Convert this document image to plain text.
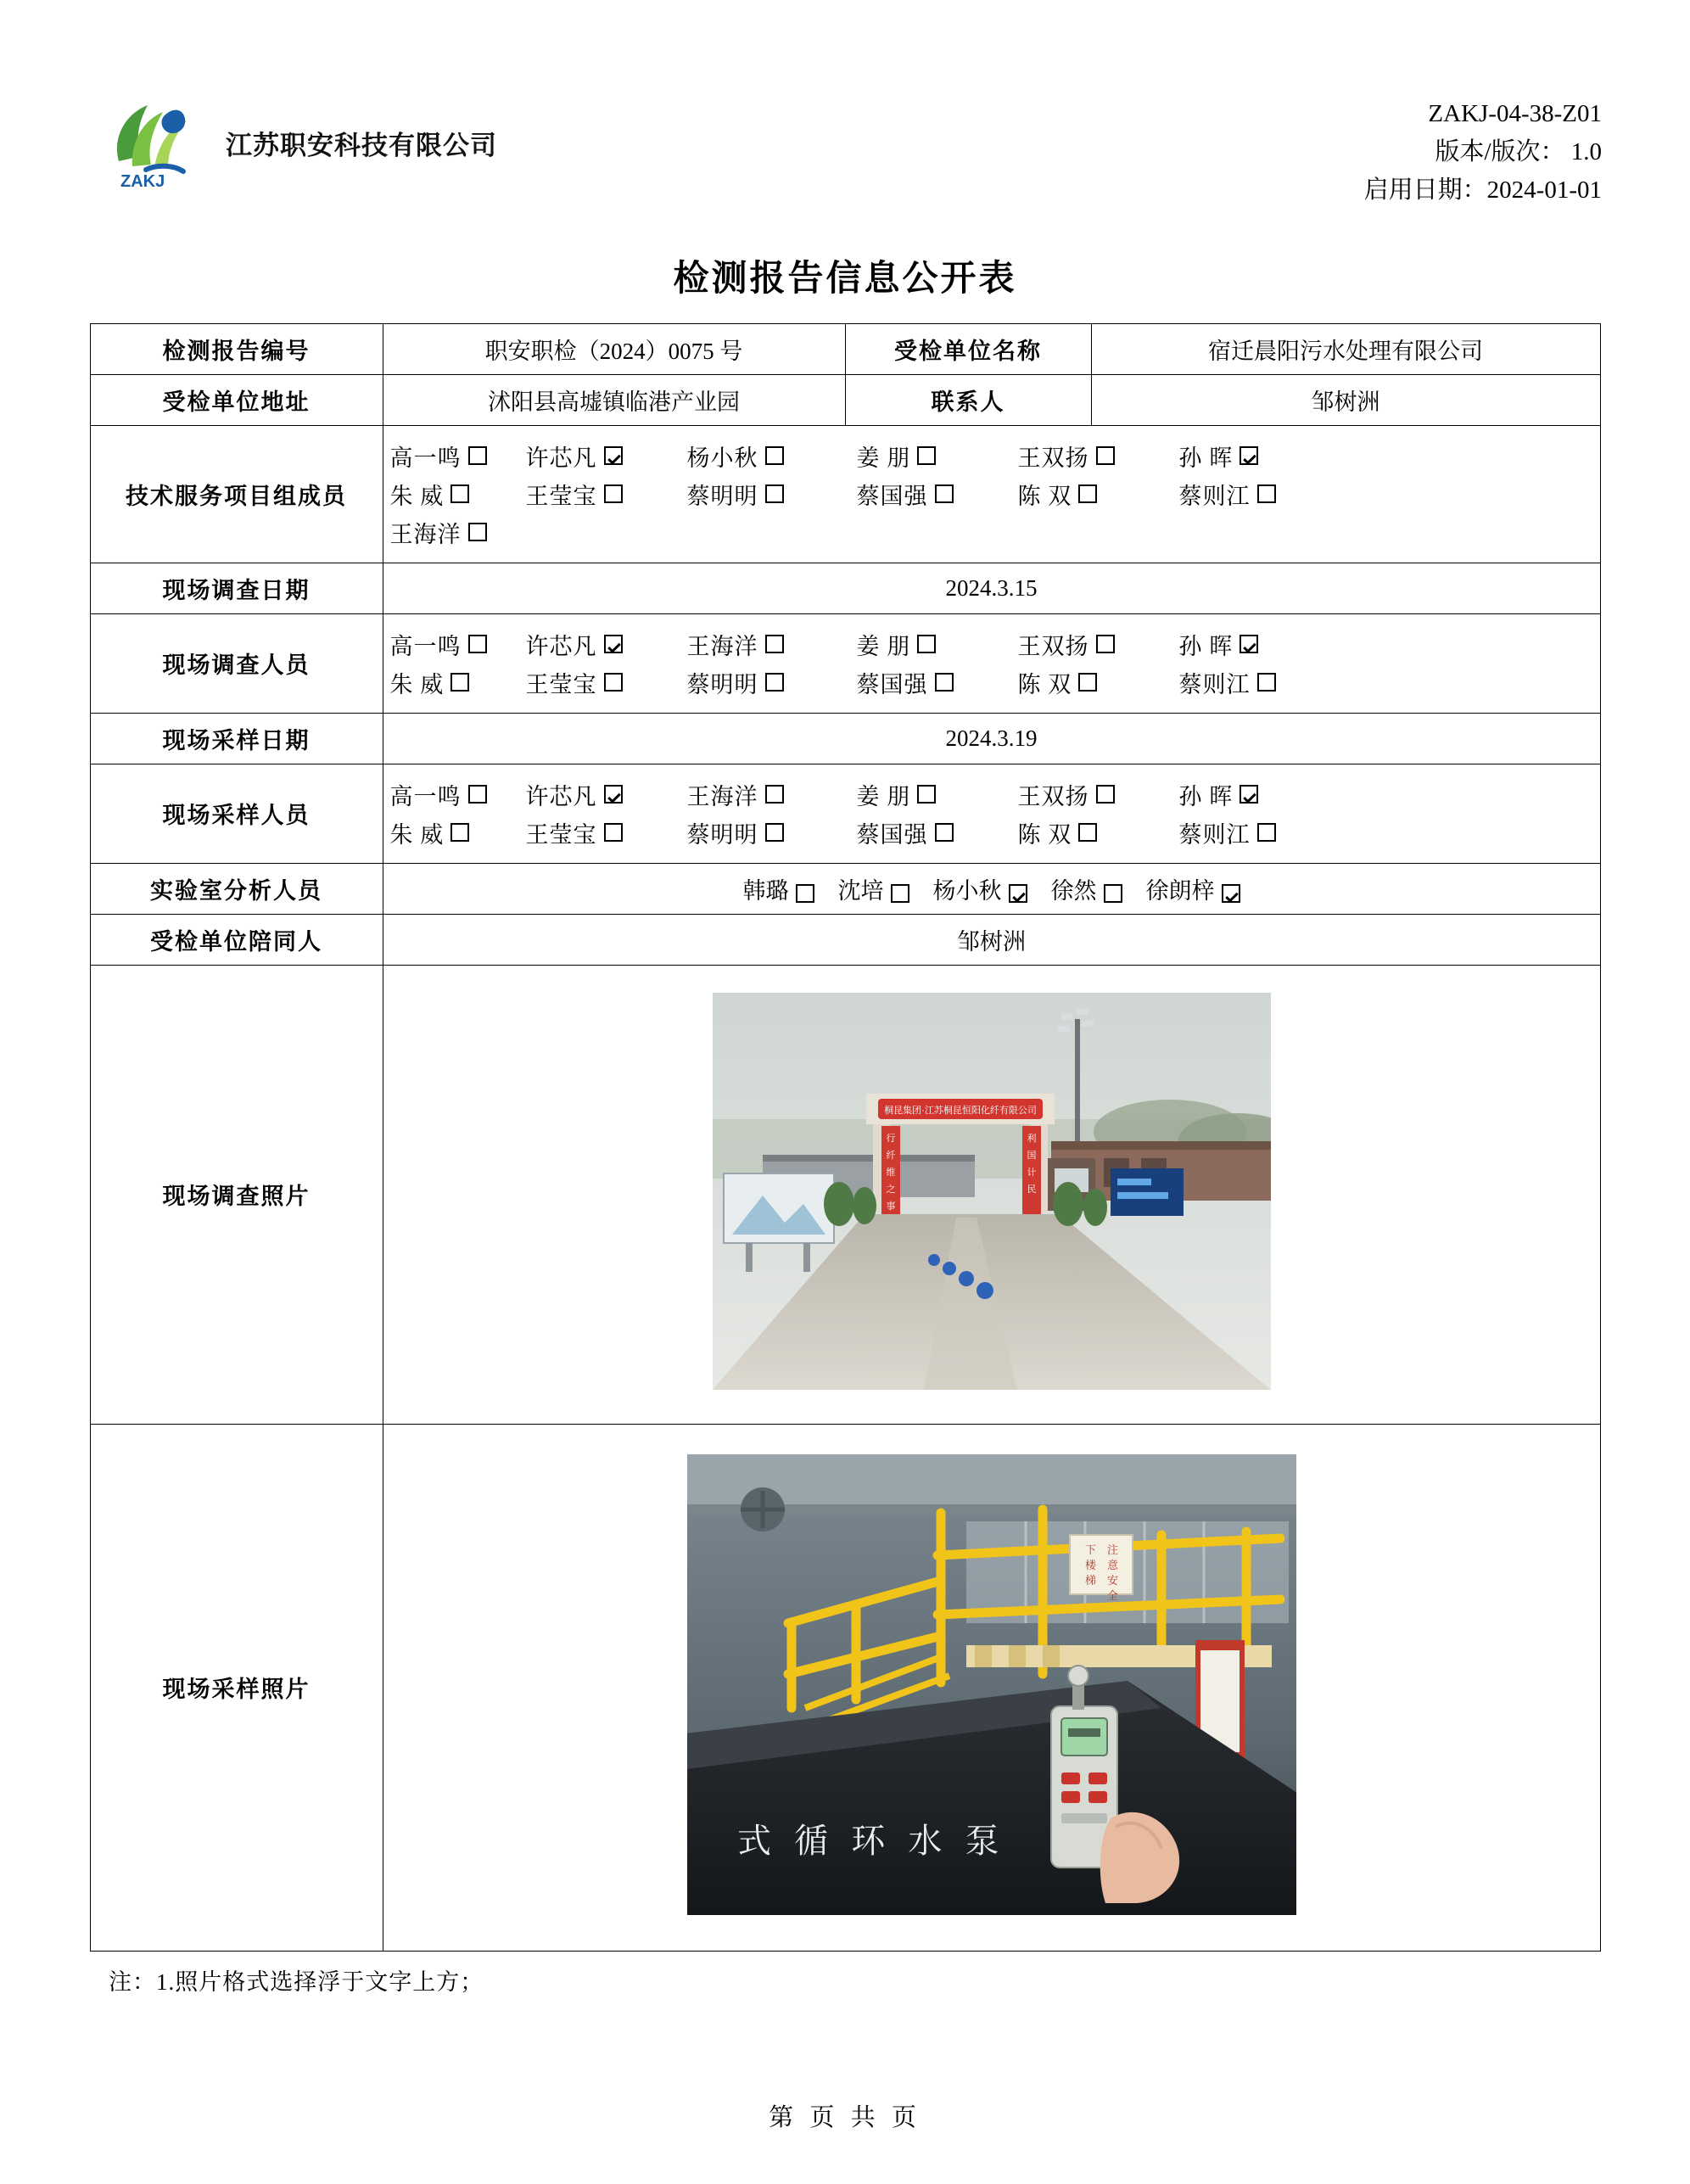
ZAKJ
江苏职安科技有限公司
ZAKJ-04-38-Z01
版本/版次： 1.0
启用日期：2024-01-01
检测报告信息公开表
检测报告编号	职安职检（2024）0075 号	受检单位名称	宿迁晨阳污水处理有限公司
受检单位地址	沭阳县高墟镇临港产业园	联系人	邹树洲
技术服务项目组成员	
高一鸣	许芯凡	杨小秋	姜 朋	王双扬	孙 晖
朱 威	王莹宝	蔡明明	蔡国强	陈 双	蔡则江
王海洋

现场调查日期	2024.3.15		
现场调查人员	
高一鸣	许芯凡	王海洋	姜 朋	王双扬	孙 晖
朱 威	王莹宝	蔡明明	蔡国强	陈 双	蔡则江

现场采样日期	2024.3.19		
现场采样人员	
高一鸣	许芯凡	王海洋	姜 朋	王双扬	孙 晖
朱 威	王莹宝	蔡明明	蔡国强	陈 双	蔡则江

实验室分析人员	韩璐 沈培 杨小秋 徐然 徐朗梓		
受检单位陪同人	邹树洲		
现场调查照片	
桐昆集团·江苏桐昆恒阳化纤有限公司
行
纤
维
之
事
利
国
计
民

现场采样照片	
下
楼
梯
注
意
安
全
式 循 环 水 泵
注：1.照片格式选择浮于文字上方；
第 页 共 页
